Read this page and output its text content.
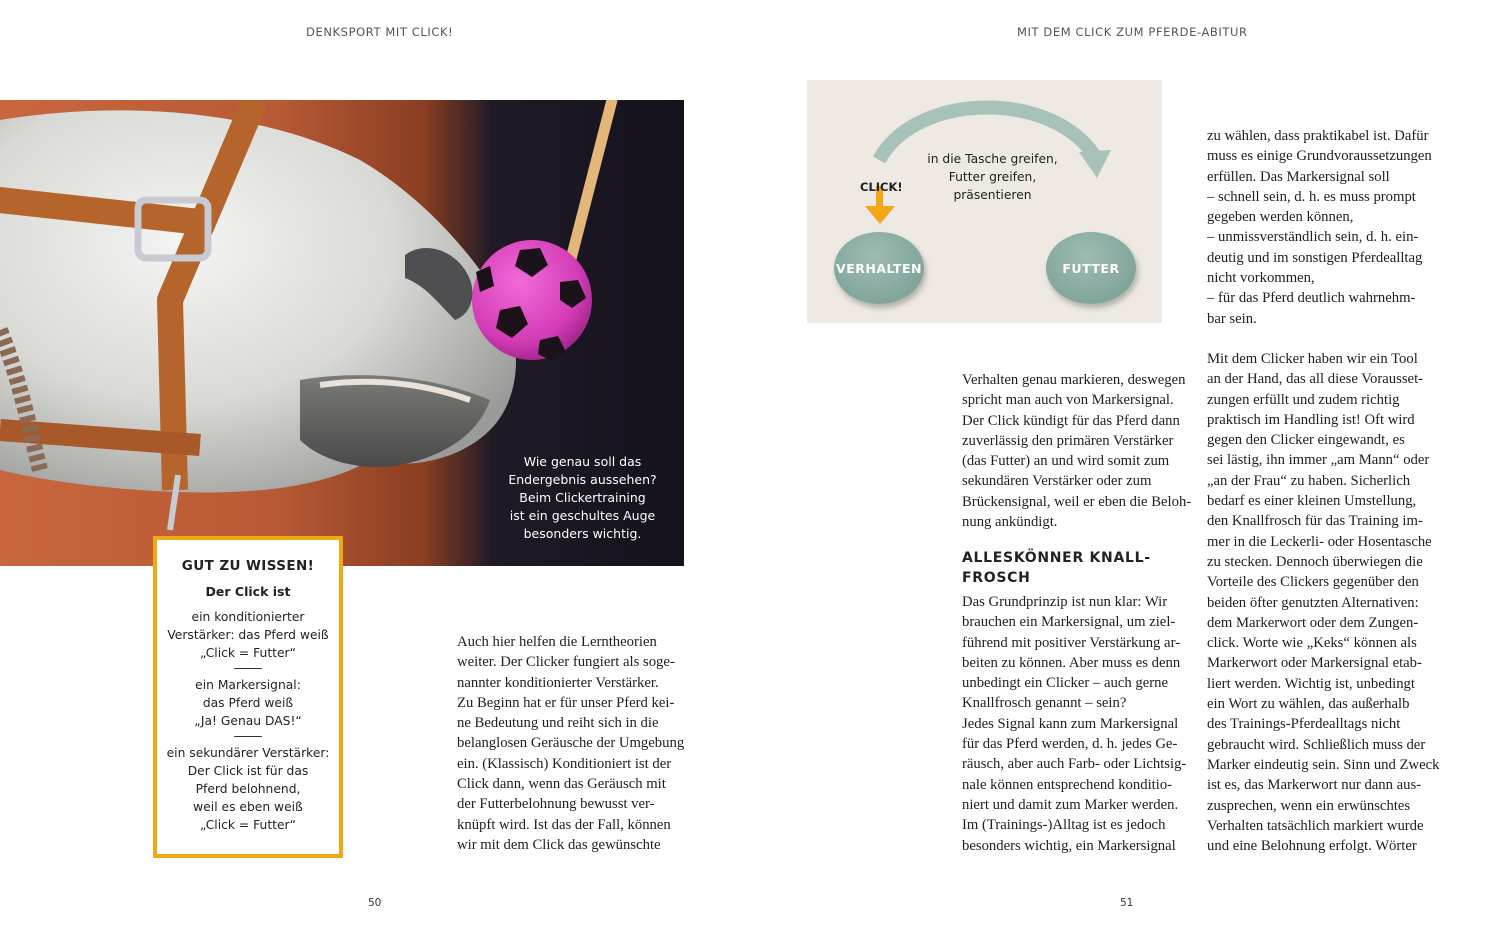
DENKSPORT MIT CLICK!	MIT DEM CLICK ZUM PFERDE-ABITUR
Wie genau soll das
Endergebnis aussehen?
Beim Clickertraining
ist ein geschultes Auge
besonders wichtig.
GUT ZU WISSEN!
Der Click ist
ein konditionierter
Verstärker: das Pferd weiß
„Click = Futter“
ein Markersignal:
das Pferd weiß
„Ja! Genau DAS!“
ein sekundärer Verstärker:
Der Click ist für das
Pferd belohnend,
weil es eben weiß
„Click = Futter“
Auch hier helfen die Lerntheorien
weiter. Der Clicker fungiert als soge-
nannter konditionierter Verstärker.
Zu Beginn hat er für unser Pferd kei-
ne Bedeutung und reiht sich in die
belanglosen Geräusche der Umgebung
ein. (Klassisch) Konditioniert ist der
Click dann, wenn das Geräusch mit
der Futterbelohnung bewusst ver-
knüpft wird. Ist das der Fall, können
wir mit dem Click das gewünschte
CLICK!
in die Tasche greifen,
Futter greifen,
präsentieren
VERHALTEN	FUTTER
Verhalten genau markieren, deswegen
spricht man auch von Markersignal.
Der Click kündigt für das Pferd dann
zuverlässig den primären Verstärker
(das Futter) an und wird somit zum
sekundären Verstärker oder zum
Brückensignal, weil er eben die Beloh-
nung ankündigt.
ALLESKÖNNER KNALL-
FROSCH
Das Grundprinzip ist nun klar: Wir
brauchen ein Markersignal, um ziel-
führend mit positiver Verstärkung ar-
beiten zu können. Aber muss es denn
unbedingt ein Clicker – auch gerne
Knallfrosch genannt – sein?
Jedes Signal kann zum Markersignal
für das Pferd werden, d. h. jedes Ge-
räusch, aber auch Farb- oder Lichtsig-
nale können entsprechend konditio-
niert und damit zum Marker werden.
Im (Trainings-)Alltag ist es jedoch
besonders wichtig, ein Markersignal
zu wählen, dass praktikabel ist. Dafür
muss es einige Grundvoraussetzungen
erfüllen. Das Markersignal soll
– schnell sein, d. h. es muss prompt
gegeben werden können,
– unmissverständlich sein, d. h. ein-
deutig und im sonstigen Pferdealltag
nicht vorkommen,
– für das Pferd deutlich wahrnehm-
bar sein.
Mit dem Clicker haben wir ein Tool
an der Hand, das all diese Vorausset-
zungen erfüllt und zudem richtig
praktisch im Handling ist! Oft wird
gegen den Clicker eingewandt, es
sei lästig, ihn immer „am Mann“ oder
„an der Frau“ zu haben. Sicherlich
bedarf es einer kleinen Umstellung,
den Knallfrosch für das Training im-
mer in die Leckerli- oder Hosentasche
zu stecken. Dennoch überwiegen die
Vorteile des Clickers gegenüber den
beiden öfter genutzten Alternativen:
dem Markerwort oder dem Zungen-
click. Worte wie „Keks“ können als
Markerwort oder Markersignal etab-
liert werden. Wichtig ist, unbedingt
ein Wort zu wählen, das außerhalb
des Trainings-Pferdealltags nicht
gebraucht wird. Schließlich muss der
Marker eindeutig sein. Sinn und Zweck
ist es, das Markerwort nur dann aus-
zusprechen, wenn ein erwünschtes
Verhalten tatsächlich markiert wurde
und eine Belohnung erfolgt. Wörter
50	51
